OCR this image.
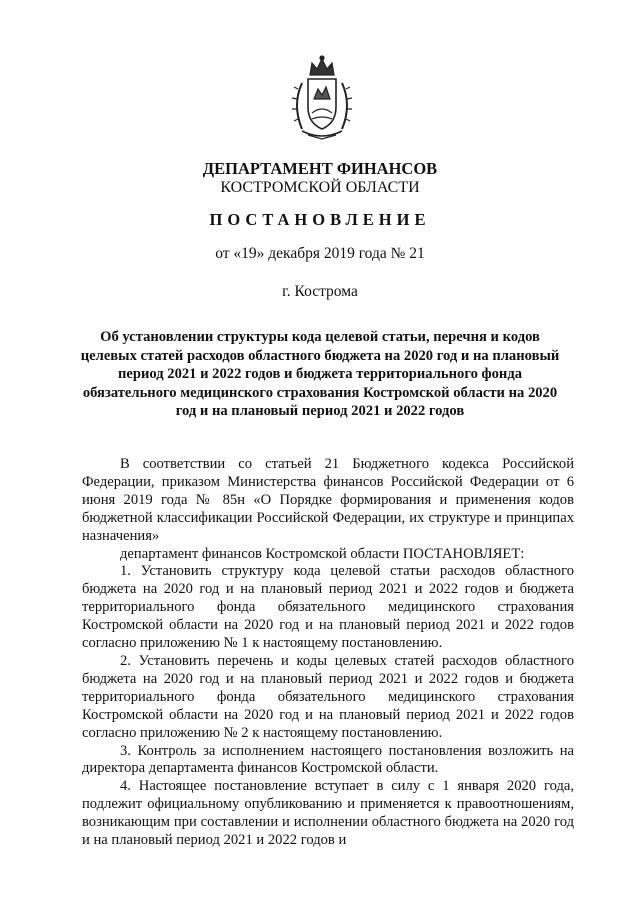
ДЕПАРТАМЕНТ ФИНАНСОВ
КОСТРОМСКОЙ ОБЛАСТИ
ПОСТАНОВЛЕНИЕ
от «19» декабря 2019 года № 21
г. Кострома
Об установлении структуры кода целевой статьи, перечня и кодов целевых статей расходов областного бюджета на 2020 год и на плановый период 2021 и 2022 годов и бюджета территориального фонда обязательного медицинского страхования Костромской области на 2020 год и на плановый период 2021 и 2022 годов

В соответствии со статьей 21 Бюджетного кодекса Российской Федерации, приказом Министерства финансов Российской Федерации от 6 июня 2019 года № 85н «О Порядке формирования и применения кодов бюджетной классификации Российской Федерации, их структуре и принципах назначения»

департамент финансов Костромской области ПОСТАНОВЛЯЕТ:

1. Установить структуру кода целевой статьи расходов областного бюджета на 2020 год и на плановый период 2021 и 2022 годов и бюджета территориального фонда обязательного медицинского страхования Костромской области на 2020 год и на плановый период 2021 и 2022 годов согласно приложению № 1 к настоящему постановлению.

2. Установить перечень и коды целевых статей расходов областного бюджета на 2020 год и на плановый период 2021 и 2022 годов и бюджета территориального фонда обязательного медицинского страхования Костромской области на 2020 год и на плановый период 2021 и 2022 годов согласно приложению № 2 к настоящему постановлению.

3. Контроль за исполнением настоящего постановления возложить на директора департамента финансов Костромской области.

4. Настоящее постановление вступает в силу с 1 января 2020 года, подлежит официальному опубликованию и применяется к правоотношениям, возникающим при составлении и исполнении областного бюджета на 2020 год и на плановый период 2021 и 2022 годов и
